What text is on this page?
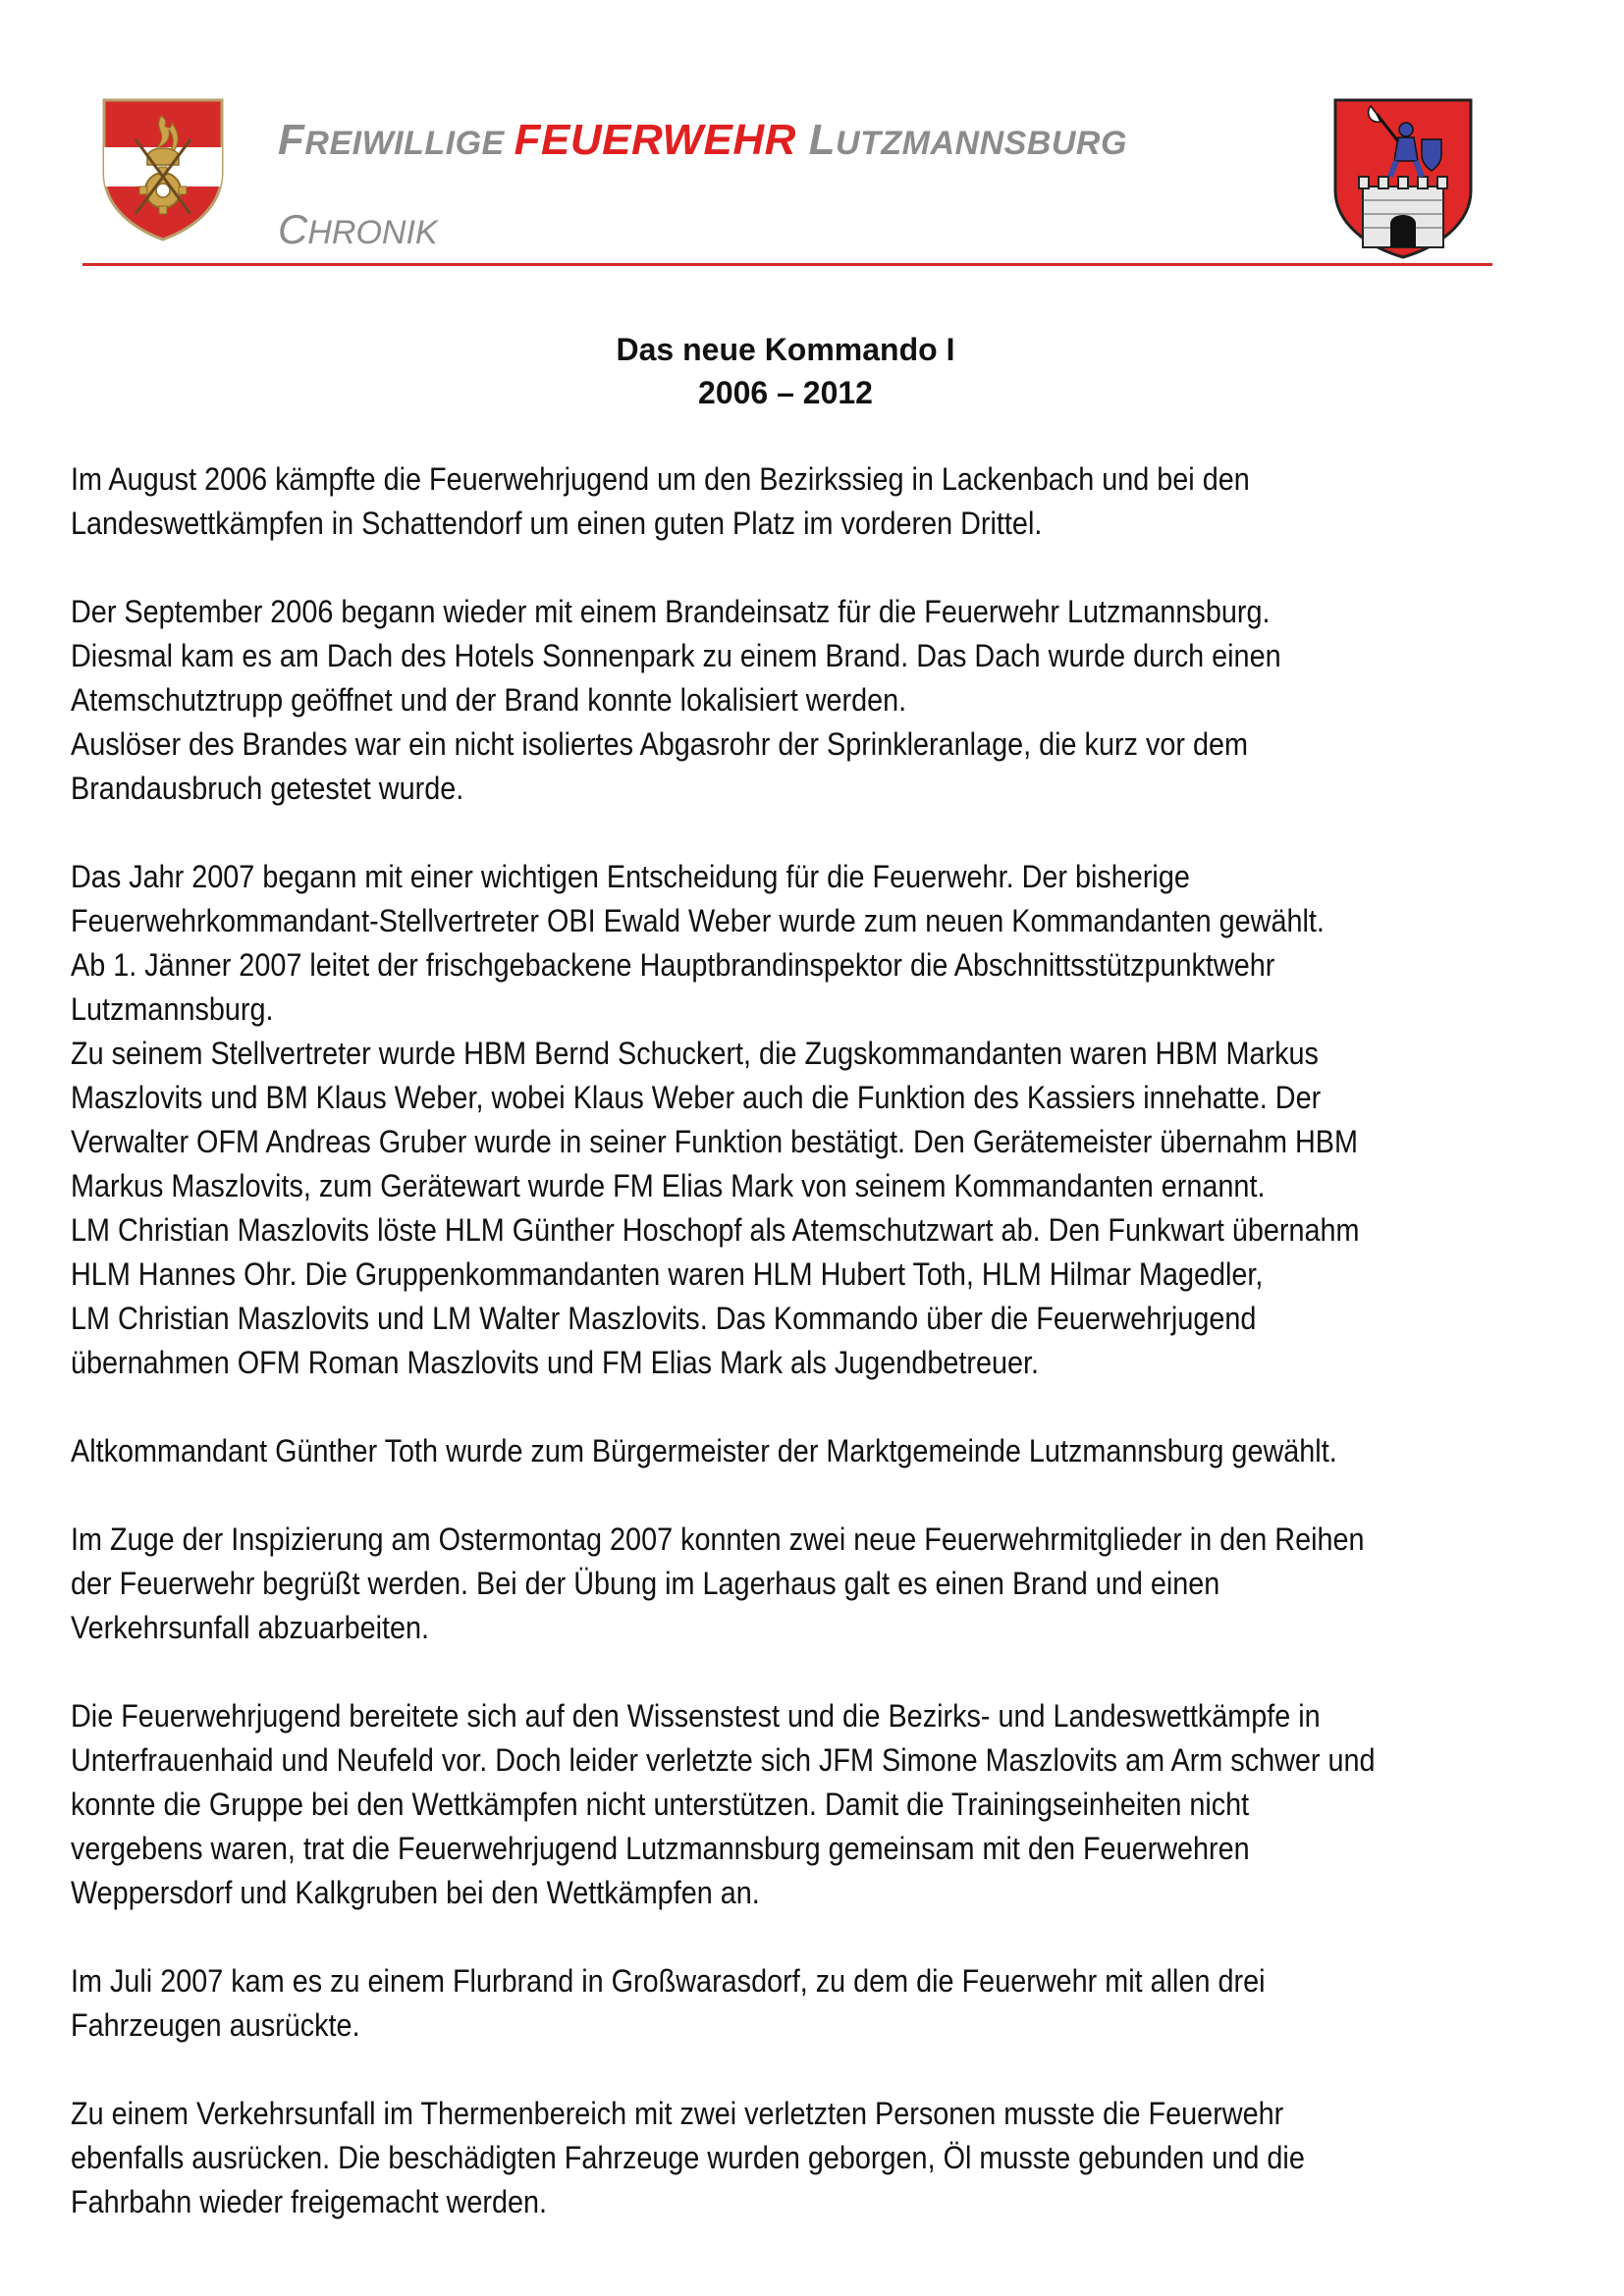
FREIWILLIGE FEUERWEHR LUTZMANNSBURG
CHRONIK
Das neue Kommando I
2006 – 2012

Im August 2006 kämpfte die Feuerwehrjugend um den Bezirkssieg in Lackenbach und bei den
Landeswettkämpfen in Schattendorf um einen guten Platz im vorderen Drittel.

Der September 2006 begann wieder mit einem Brandeinsatz für die Feuerwehr Lutzmannsburg.
Diesmal kam es am Dach des Hotels Sonnenpark zu einem Brand. Das Dach wurde durch einen
Atemschutztrupp geöffnet und der Brand konnte lokalisiert werden.
Auslöser des Brandes war ein nicht isoliertes Abgasrohr der Sprinkleranlage, die kurz vor dem
Brandausbruch getestet wurde.

Das Jahr 2007 begann mit einer wichtigen Entscheidung für die Feuerwehr. Der bisherige
Feuerwehrkommandant-Stellvertreter OBI Ewald Weber wurde zum neuen Kommandanten gewählt.
Ab 1. Jänner 2007 leitet der frischgebackene Hauptbrandinspektor die Abschnittsstützpunktwehr
Lutzmannsburg.
Zu seinem Stellvertreter wurde HBM Bernd Schuckert, die Zugskommandanten waren HBM Markus
Maszlovits und BM Klaus Weber, wobei Klaus Weber auch die Funktion des Kassiers innehatte. Der
Verwalter OFM Andreas Gruber wurde in seiner Funktion bestätigt. Den Gerätemeister übernahm HBM
Markus Maszlovits, zum Gerätewart wurde FM Elias Mark von seinem Kommandanten ernannt.
LM Christian Maszlovits löste HLM Günther Hoschopf als Atemschutzwart ab. Den Funkwart übernahm
HLM Hannes Ohr. Die Gruppenkommandanten waren HLM Hubert Toth, HLM Hilmar Magedler,
LM Christian Maszlovits und LM Walter Maszlovits. Das Kommando über die Feuerwehrjugend
übernahmen OFM Roman Maszlovits und FM Elias Mark als Jugendbetreuer.

Altkommandant Günther Toth wurde zum Bürgermeister der Marktgemeinde Lutzmannsburg gewählt.

Im Zuge der Inspizierung am Ostermontag 2007 konnten zwei neue Feuerwehrmitglieder in den Reihen
der Feuerwehr begrüßt werden. Bei der Übung im Lagerhaus galt es einen Brand und einen
Verkehrsunfall abzuarbeiten.

Die Feuerwehrjugend bereitete sich auf den Wissenstest und die Bezirks- und Landeswettkämpfe in
Unterfrauenhaid und Neufeld vor. Doch leider verletzte sich JFM Simone Maszlovits am Arm schwer und
konnte die Gruppe bei den Wettkämpfen nicht unterstützen. Damit die Trainingseinheiten nicht
vergebens waren, trat die Feuerwehrjugend Lutzmannsburg gemeinsam mit den Feuerwehren
Weppersdorf und Kalkgruben bei den Wettkämpfen an.

Im Juli 2007 kam es zu einem Flurbrand in Großwarasdorf, zu dem die Feuerwehr mit allen drei
Fahrzeugen ausrückte.

Zu einem Verkehrsunfall im Thermenbereich mit zwei verletzten Personen musste die Feuerwehr
ebenfalls ausrücken. Die beschädigten Fahrzeuge wurden geborgen, Öl musste gebunden und die
Fahrbahn wieder freigemacht werden.
